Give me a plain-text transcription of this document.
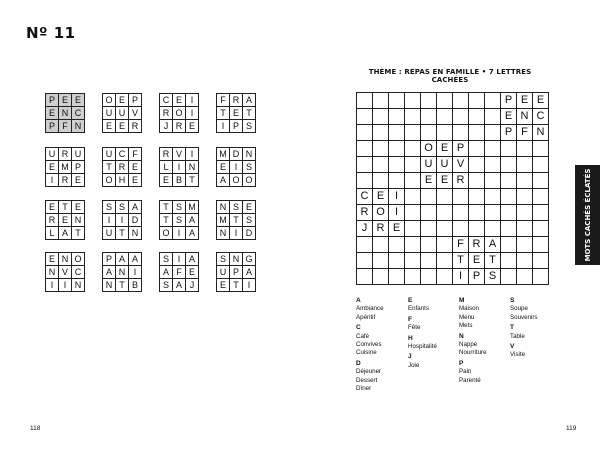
Nº 11
THÈME : REPAS EN FAMILLE • 7 LETTRES CACHÉES
P E E
E N C
P F N
O E P
U U V
E E R
C E I
R O I
J R E
F R A
T E T
I P S
U R U
E M P
I R E
U C F
T R E
O H E
R V I
L	I N
E B T
M D N
E I S
A O O
E T E
R E N
L A T
S S A
I	I D
U T N
T S M
T S A
O I A
N S E
M T S
N I D
E N O
N V C
I	I N
P A A
A N I
N T B
S I A
A F E
S A J
S N G
U P A
E T I
P E E
E N C
P F N
O E P
U U V
E E R
C E I
R O I
J R E
F R A
T E T
I P S
MOTS CACHÉS ÉCLATÉS
A
Ambiance
Apéritif
C
Café
Convives
Cuisine
D
Déjeuner
Dessert
Dîner
E
Enfants
F
Fête
H
Hospitalité
J
Joie
M
Maison
Menu
Mets
N
Nappe
Nourriture
P
Pain
Parenté
S
Soupe
Souvenirs
T
Table
V
Visite
118	119
